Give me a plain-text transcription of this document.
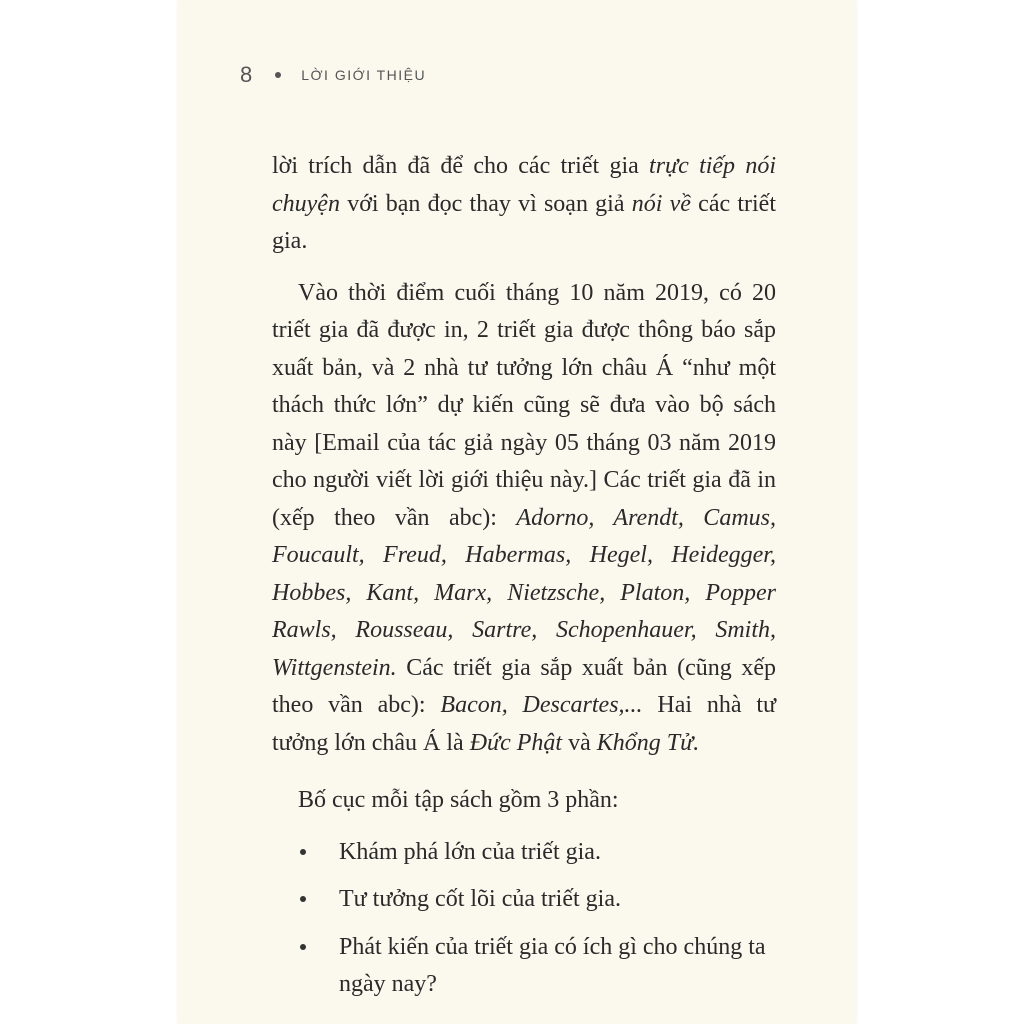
8	LỜI GIỚI THIỆU

lời trích dẫn đã để cho các triết gia trực tiếp nói chuyện với bạn đọc thay vì soạn giả nói về các triết gia.

Vào thời điểm cuối tháng 10 năm 2019, có 20 triết gia đã được in, 2 triết gia được thông báo sắp xuất bản, và 2 nhà tư tưởng lớn châu Á “như một thách thức lớn” dự kiến cũng sẽ đưa vào bộ sách này [Email của tác giả ngày 05 tháng 03 năm 2019 cho người viết lời giới thiệu này.] Các triết gia đã in (xếp theo vần abc): Adorno, Arendt, Camus, Foucault, Freud, Habermas, Hegel, Heidegger, Hobbes, Kant, Marx, Nietzsche, Platon, Popper Rawls, Rousseau, Sartre, Schopenhauer, Smith, Wittgenstein. Các triết gia sắp xuất bản (cũng xếp theo vần abc): Bacon, Descartes,... Hai nhà tư tưởng lớn châu Á là Đức Phật và Khổng Tử.

Bố cục mỗi tập sách gồm 3 phần:

Khám phá lớn của triết gia.
Tư tưởng cốt lõi của triết gia.
Phát kiến của triết gia có ích gì cho chúng ta ngày nay?
